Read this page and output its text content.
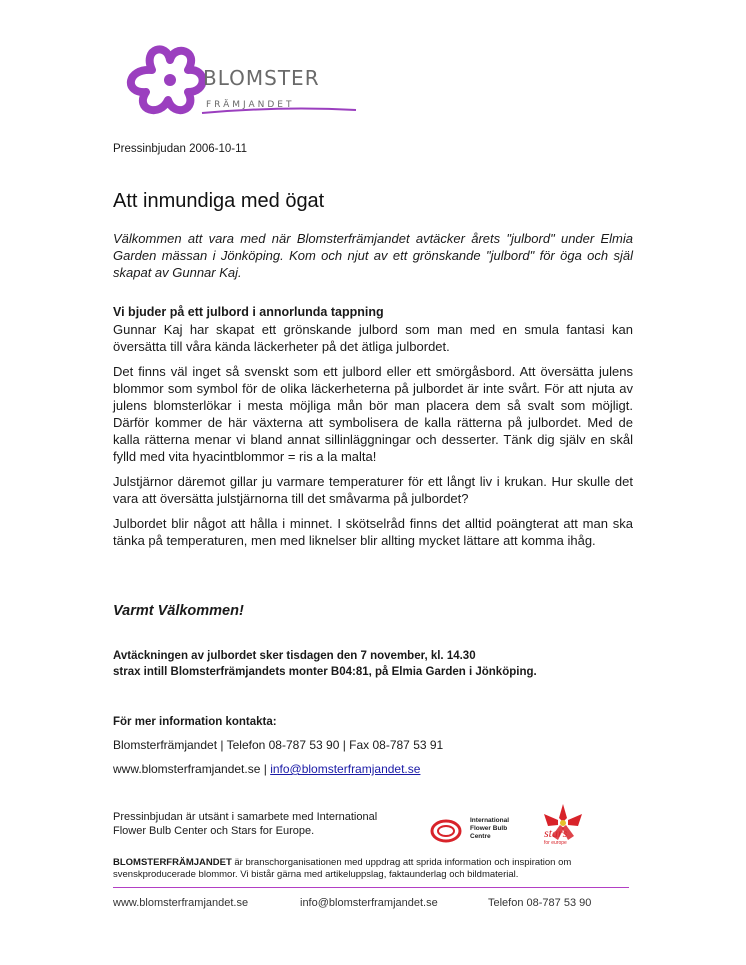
BLOMSTER
FRÄMJANDET
Pressinbjudan 2006-10-11
Att inmundiga med ögat

Välkommen att vara med när Blomsterfrämjandet avtäcker årets "julbord" under Elmia Garden mässan i Jönköping. Kom och njut av ett grönskande "julbord" för öga och själ skapat av Gunnar Kaj.

Vi bjuder på ett julbord i annorlunda tappning

Gunnar Kaj har skapat ett grönskande julbord som man med en smula fantasi kan översätta till våra kända läckerheter på det ätliga julbordet.

Det finns väl inget så svenskt som ett julbord eller ett smörgåsbord. Att översätta julens blommor som symbol för de olika läckerheterna på julbordet är inte svårt. För att njuta av julens blomsterlökar i mesta möjliga mån bör man placera dem så svalt som möjligt. Därför kommer de här växterna att symbolisera de kalla rätterna på julbordet. Med de kalla rätterna menar vi bland annat sillinläggningar och desserter. Tänk dig själv en skål fylld med vita hyacintblommor = ris a la malta!

Julstjärnor däremot gillar ju varmare temperaturer för ett långt liv i krukan. Hur skulle det vara att översätta julstjärnorna till det småvarma på julbordet?

Julbordet blir något att hålla i minnet. I skötselråd finns det alltid poängterat att man ska tänka på temperaturen, men med liknelser blir allting mycket lättare att komma ihåg.

Varmt Välkommen!
Avtäckningen av julbordet sker tisdagen den 7 november, kl. 14.30
strax intill Blomsterfrämjandets monter B04:81, på Elmia Garden i Jönköping.
För mer information kontakta:
Blomsterfrämjandet | Telefon 08-787 53 90 | Fax 08-787 53 91
www.blomsterframjandet.se | info@blomsterframjandet.se
Pressinbjudan är utsänt i samarbete med International Flower Bulb Center och Stars for Europe.
International
Flower Bulb
Centre	stars
for europe
BLOMSTERFRÄMJANDET är branschorganisationen med uppdrag att sprida information och inspiration om svenskproducerade blommor. Vi bistår gärna med artikeluppslag, faktaunderlag och bildmaterial.
www.blomsterframjandet.se	info@blomsterframjandet.se	Telefon 08-787 53 90
